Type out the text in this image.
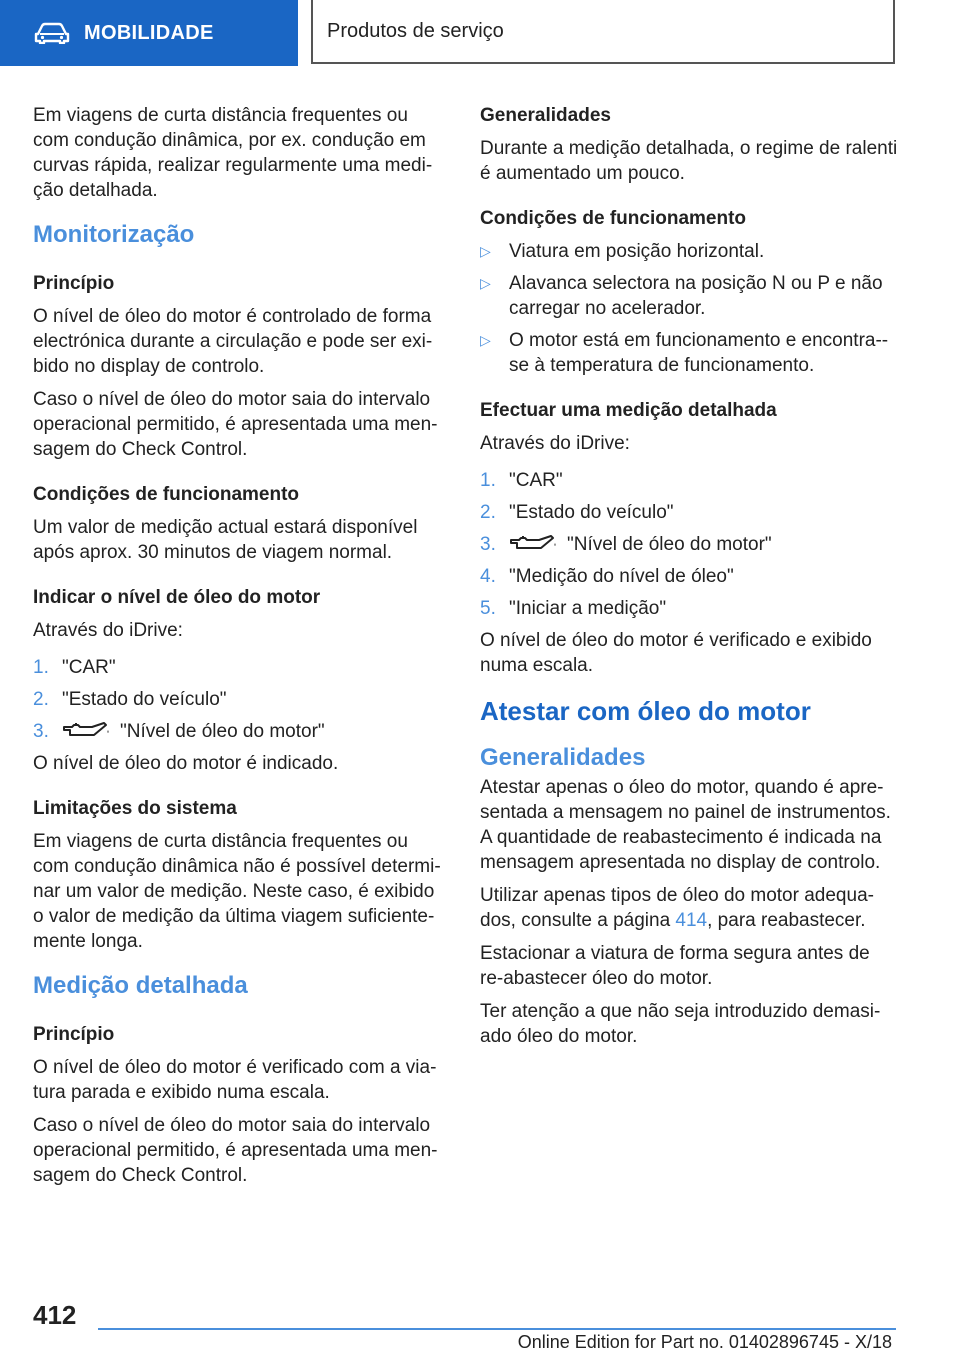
MOBILIDADE	Produtos de serviço

Em viagens de curta distância frequentes ou com condução dinâmica, por ex. condução em curvas rápida, realizar regularmente uma medi-ção detalhada.

Monitorização
Princípio

O nível de óleo do motor é controlado de forma electrónica durante a circulação e pode ser exi-bido no display de controlo.

Caso o nível de óleo do motor saia do intervalo operacional permitido, é apresentada uma men-sagem do Check Control.

Condições de funcionamento

Um valor de medição actual estará disponível após aprox. 30 minutos de viagem normal.

Indicar o nível de óleo do motor

Através do iDrive:

1. "CAR"
2. "Estado do veículo"
3.	"Nível de óleo do motor"

O nível de óleo do motor é indicado.

Limitações do sistema

Em viagens de curta distância frequentes ou com condução dinâmica não é possível determi-nar um valor de medição. Neste caso, é exibido o valor de medição da última viagem suficiente-mente longa.

Medição detalhada
Princípio

O nível de óleo do motor é verificado com a via-tura parada e exibido numa escala.

Caso o nível de óleo do motor saia do intervalo operacional permitido, é apresentada uma men-sagem do Check Control.

Generalidades

Durante a medição detalhada, o regime de ralenti é aumentado um pouco.

Condições de funcionamento
▷ Viatura em posição horizontal.
▷ Alavanca selectora na posição N ou P e não carregar no acelerador.
▷ O motor está em funcionamento e encontra--se à temperatura de funcionamento.
Efectuar uma medição detalhada

Através do iDrive:

1. "CAR"
2. "Estado do veículo"
3.	"Nível de óleo do motor"
4. "Medição do nível de óleo"
5. "Iniciar a medição"

O nível de óleo do motor é verificado e exibido numa escala.

Atestar com óleo do motor
Generalidades

Atestar apenas o óleo do motor, quando é apre-sentada a mensagem no painel de instrumentos. A quantidade de reabastecimento é indicada na mensagem apresentada no display de controlo.

Utilizar apenas tipos de óleo do motor adequa-dos, consulte a página 414, para reabastecer.

Estacionar a viatura de forma segura antes de re-abastecer óleo do motor.

Ter atenção a que não seja introduzido demasi-ado óleo do motor.

412
Online Edition for Part no. 01402896745 - X/18
